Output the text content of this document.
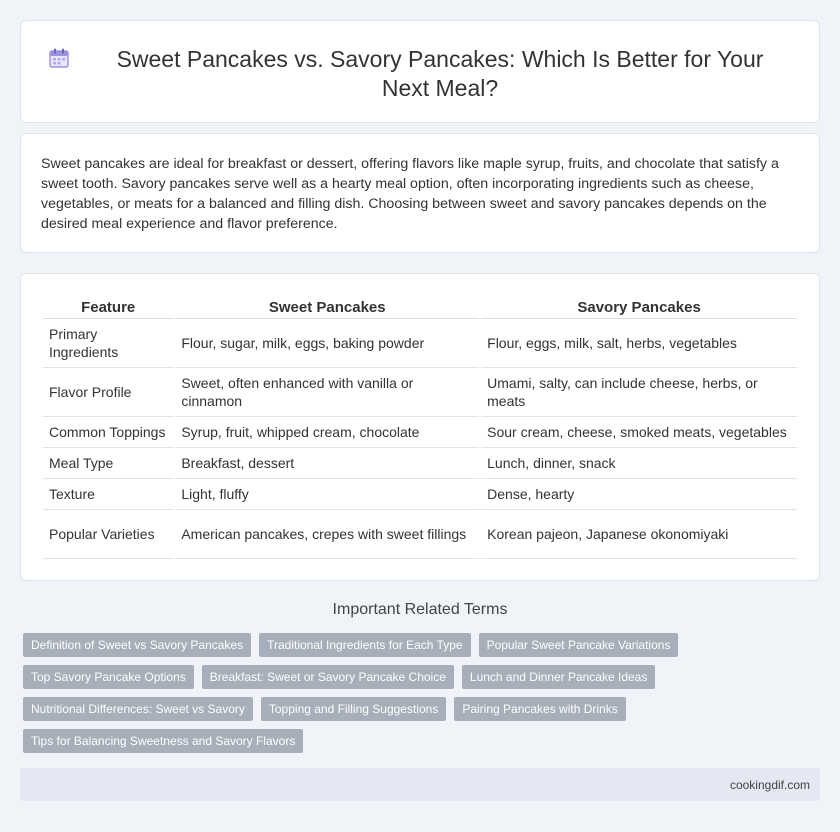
Sweet Pancakes vs. Savory Pancakes: Which Is Better for Your Next Meal?

Sweet pancakes are ideal for breakfast or dessert, offering flavors like maple syrup, fruits, and chocolate that satisfy a sweet tooth. Savory pancakes serve well as a hearty meal option, often incorporating ingredients such as cheese, vegetables, or meats for a balanced and filling dish. Choosing between sweet and savory pancakes depends on the desired meal experience and flavor preference.

Feature	Sweet Pancakes	Savory Pancakes
Primary Ingredients	Flour, sugar, milk, eggs, baking powder	Flour, eggs, milk, salt, herbs, vegetables
Flavor Profile	Sweet, often enhanced with vanilla or cinnamon	Umami, salty, can include cheese, herbs, or meats
Common Toppings	Syrup, fruit, whipped cream, chocolate	Sour cream, cheese, smoked meats, vegetables
Meal Type	Breakfast, dessert	Lunch, dinner, snack
Texture	Light, fluffy	Dense, hearty
Popular Varieties	American pancakes, crepes with sweet fillings	Korean pajeon, Japanese okonomiyaki
Important Related Terms
Definition of Sweet vs Savory Pancakes	Traditional Ingredients for Each Type	Popular Sweet Pancake Variations
Top Savory Pancake Options	Breakfast: Sweet or Savory Pancake Choice	Lunch and Dinner Pancake Ideas
Nutritional Differences: Sweet vs Savory	Topping and Filling Suggestions	Pairing Pancakes with Drinks
Tips for Balancing Sweetness and Savory Flavors
cookingdif.com
